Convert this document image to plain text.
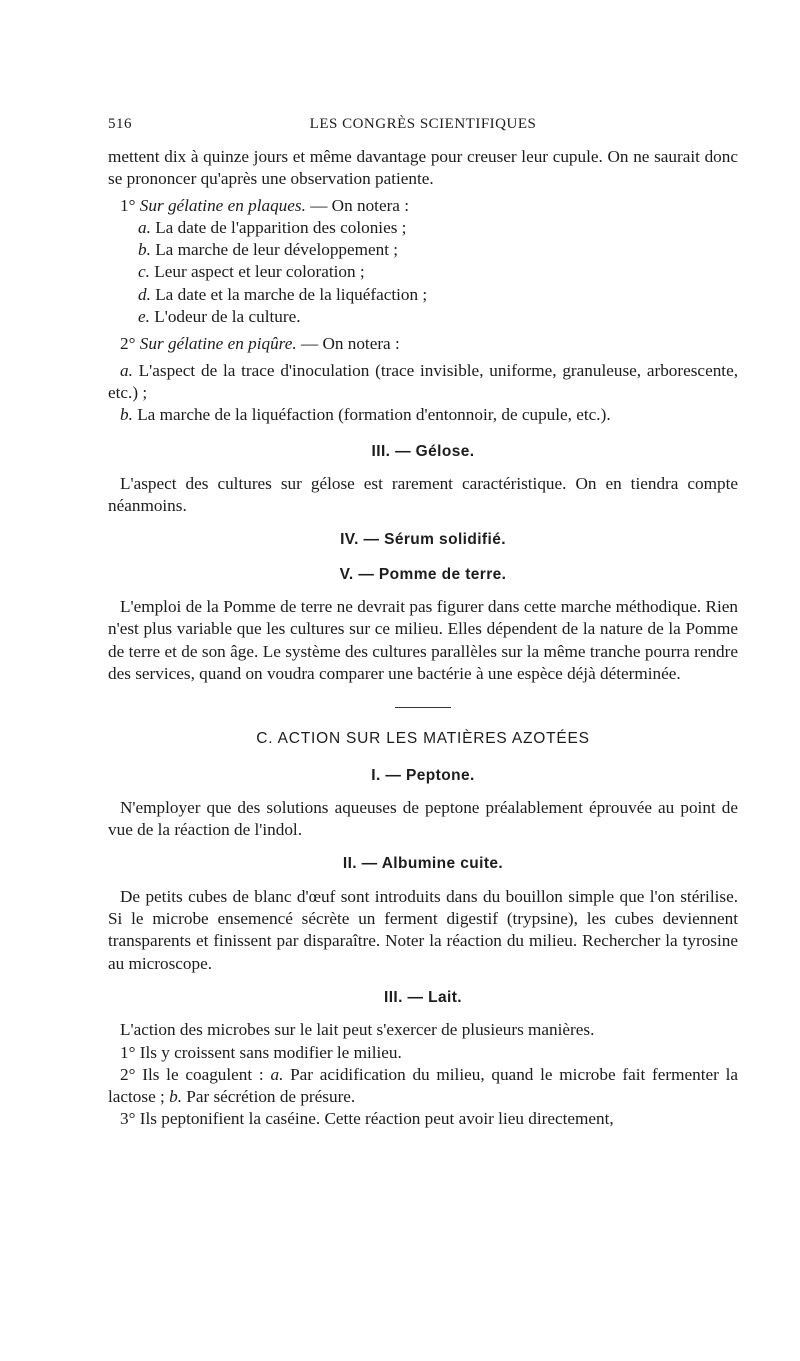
516	LES CONGRÈS SCIENTIFIQUES

mettent dix à quinze jours et même davantage pour creuser leur cupule. On ne saurait donc se prononcer qu'après une observation patiente.

1° Sur gélatine en plaques. — On notera :

a. La date de l'apparition des colonies ;

b. La marche de leur développement ;

c. Leur aspect et leur coloration ;

d. La date et la marche de la liquéfaction ;

e. L'odeur de la culture.

2° Sur gélatine en piqûre. — On notera :

a. L'aspect de la trace d'inoculation (trace invisible, uniforme, granuleuse, arborescente, etc.) ;

b. La marche de la liquéfaction (formation d'entonnoir, de cupule, etc.).

III. — Gélose.

L'aspect des cultures sur gélose est rarement caractéristique. On en tiendra compte néanmoins.

IV. — Sérum solidifié.
V. — Pomme de terre.

L'emploi de la Pomme de terre ne devrait pas figurer dans cette marche méthodique. Rien n'est plus variable que les cultures sur ce milieu. Elles dépendent de la nature de la Pomme de terre et de son âge. Le système des cultures parallèles sur la même tranche pourra rendre des services, quand on voudra comparer une bactérie à une espèce déjà déterminée.

C. ACTION SUR LES MATIÈRES AZOTÉES
I. — Peptone.

N'employer que des solutions aqueuses de peptone préalablement éprouvée au point de vue de la réaction de l'indol.

II. — Albumine cuite.

De petits cubes de blanc d'œuf sont introduits dans du bouillon simple que l'on stérilise. Si le microbe ensemencé sécrète un ferment digestif (trypsine), les cubes deviennent transparents et finissent par disparaître. Noter la réaction du milieu. Rechercher la tyrosine au microscope.

III. — Lait.

L'action des microbes sur le lait peut s'exercer de plusieurs manières.

1° Ils y croissent sans modifier le milieu.

2° Ils le coagulent : a. Par acidification du milieu, quand le microbe fait fermenter la lactose ; b. Par sécrétion de présure.

3° Ils peptonifient la caséine. Cette réaction peut avoir lieu directement,
